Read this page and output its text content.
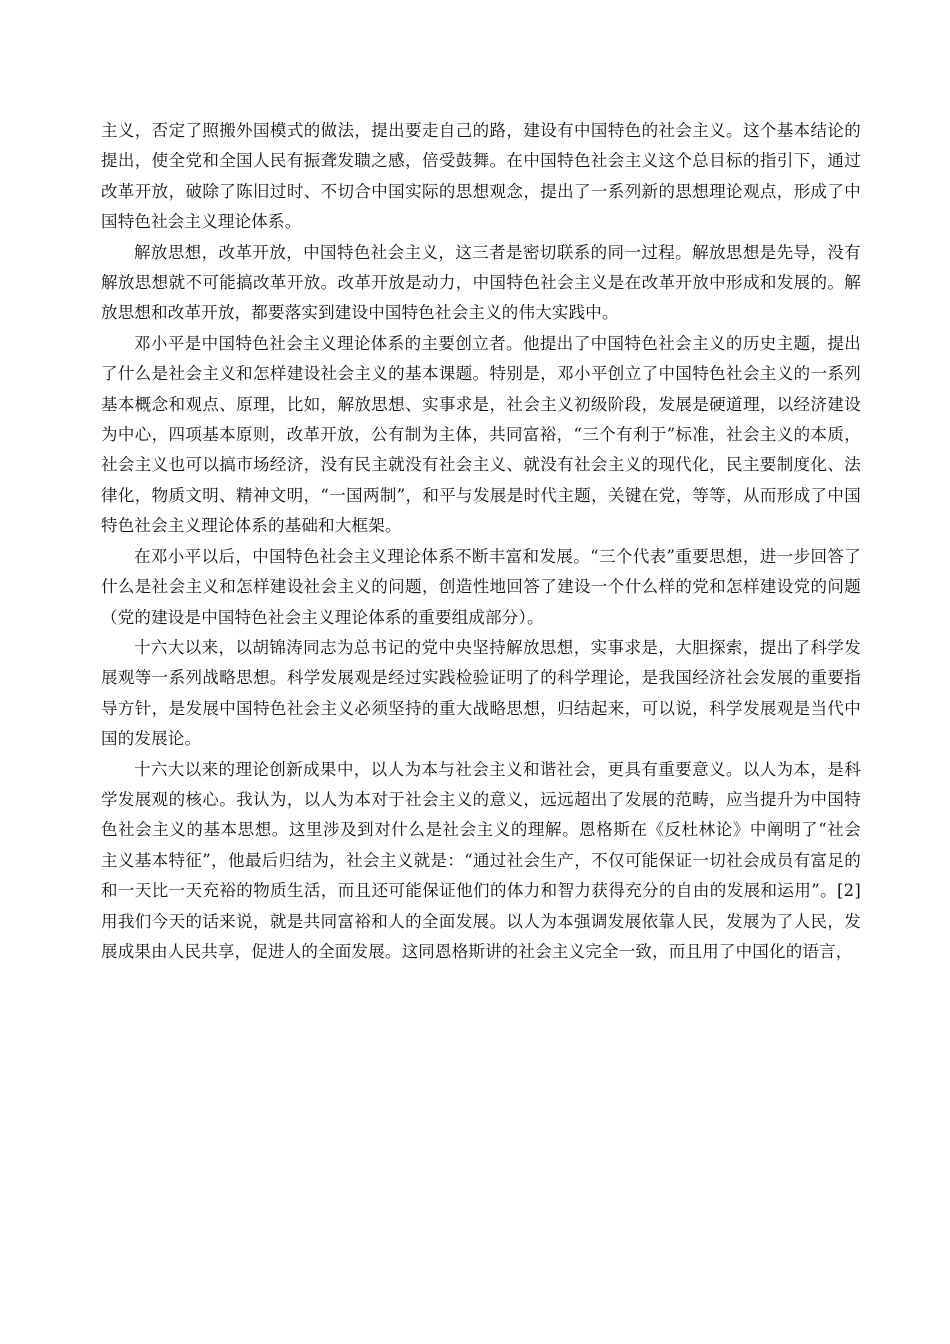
主义，否定了照搬外国模式的做法，提出要走自己的路，建设有中国特色的社会主义。这个基本结论的提出，使全党和全国人民有振聋发聩之感，倍受鼓舞。在中国特色社会主义这个总目标的指引下，通过改革开放，破除了陈旧过时、不切合中国实际的思想观念，提出了一系列新的思想理论观点，形成了中国特色社会主义理论体系。

解放思想，改革开放，中国特色社会主义，这三者是密切联系的同一过程。解放思想是先导，没有解放思想就不可能搞改革开放。改革开放是动力，中国特色社会主义是在改革开放中形成和发展的。解放思想和改革开放，都要落实到建设中国特色社会主义的伟大实践中。

邓小平是中国特色社会主义理论体系的主要创立者。他提出了中国特色社会主义的历史主题，提出了什么是社会主义和怎样建设社会主义的基本课题。特别是，邓小平创立了中国特色社会主义的一系列基本概念和观点、原理，比如，解放思想、实事求是，社会主义初级阶段，发展是硬道理，以经济建设为中心，四项基本原则，改革开放，公有制为主体，共同富裕，“三个有利于”标准，社会主义的本质，社会主义也可以搞市场经济，没有民主就没有社会主义、就没有社会主义的现代化，民主要制度化、法律化，物质文明、精神文明，“一国两制”，和平与发展是时代主题，关键在党，等等，从而形成了中国特色社会主义理论体系的基础和大框架。

在邓小平以后，中国特色社会主义理论体系不断丰富和发展。“三个代表”重要思想，进一步回答了什么是社会主义和怎样建设社会主义的问题，创造性地回答了建设一个什么样的党和怎样建设党的问题（党的建设是中国特色社会主义理论体系的重要组成部分）。

十六大以来，以胡锦涛同志为总书记的党中央坚持解放思想，实事求是，大胆探索，提出了科学发展观等一系列战略思想。科学发展观是经过实践检验证明了的科学理论，是我国经济社会发展的重要指导方针，是发展中国特色社会主义必须坚持的重大战略思想，归结起来，可以说，科学发展观是当代中国的发展论。

十六大以来的理论创新成果中，以人为本与社会主义和谐社会，更具有重要意义。以人为本，是科学发展观的核心。我认为，以人为本对于社会主义的意义，远远超出了发展的范畴，应当提升为中国特色社会主义的基本思想。这里涉及到对什么是社会主义的理解。恩格斯在《反杜林论》中阐明了“社会主义基本特征”，他最后归结为，社会主义就是：“通过社会生产，不仅可能保证一切社会成员有富足的和一天比一天充裕的物质生活，而且还可能保证他们的体力和智力获得充分的自由的发展和运用”。[2]用我们今天的话来说，就是共同富裕和人的全面发展。以人为本强调发展依靠人民，发展为了人民，发展成果由人民共享，促进人的全面发展。这同恩格斯讲的社会主义完全一致，而且用了中国化的语言，
